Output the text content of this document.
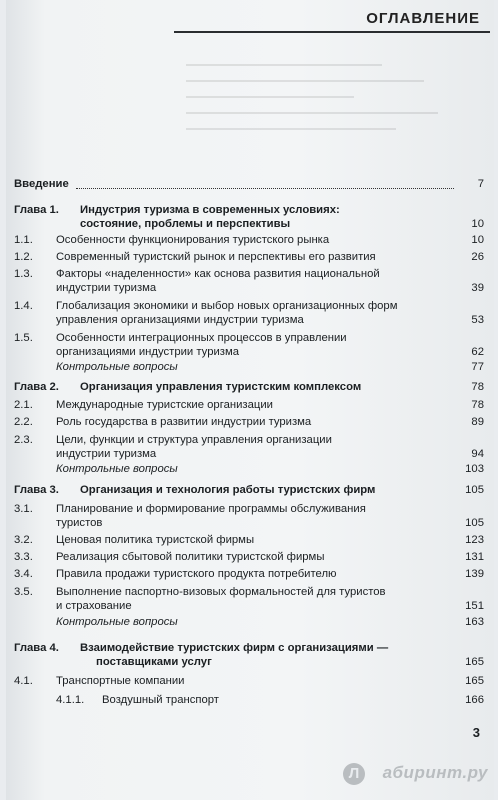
ОГЛАВЛЕНИЕ
Введение	7
Глава 1. Индустрия туризма в современных условиях:
состояние, проблемы и перспективы	10
1.1. Особенности функционирования туристского рынка	10
1.2. Современный туристский рынок и перспективы его развития	26
1.3. Факторы «наделенности» как основа развития национальной
индустрии туризма	39
1.4. Глобализация экономики и выбор новых организационных форм
управления организациями индустрии туризма	53
1.5. Особенности интеграционных процессов в управлении
организациями индустрии туризма	62
Контрольные вопросы	77
Глава 2. Организация управления туристским комплексом	78
2.1. Международные туристские организации	78
2.2. Роль государства в развитии индустрии туризма	89
2.3. Цели, функции и структура управления организации
индустрии туризма	94
Контрольные вопросы	103
Глава 3. Организация и технология работы туристских фирм	105
3.1. Планирование и формирование программы обслуживания
туристов	105
3.2. Ценовая политика туристской фирмы	123
3.3. Реализация сбытовой политики туристской фирмы	131
3.4. Правила продажи туристского продукта потребителю	139
3.5. Выполнение паспортно-визовых формальностей для туристов
и страхование	151
Контрольные вопросы	163
Глава 4. Взаимодействие туристских фирм с организациями —
поставщиками услуг	165
4.1. Транспортные компании	165
4.1.1. Воздушный транспорт	166
3
Л	абиринт.ру
